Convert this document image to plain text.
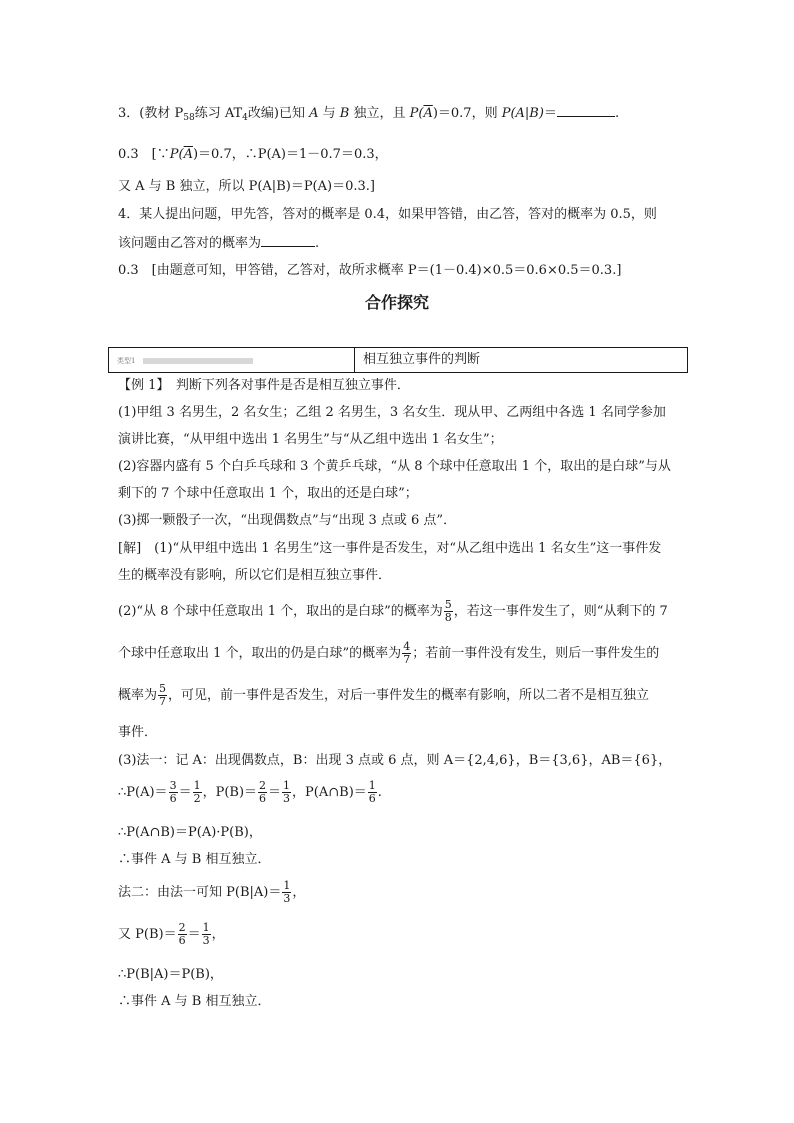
3．(教材 $P_{58}$练习 $AT_4$改编)已知 A 与 B 独立，且 $P(\overline{A})=0.7$，则 P(A|B)＝	.
0.3　[$\because P(\overline{A})=0.7$，∴P(A)＝1－0.7＝0.3，
又 A 与 B 独立，所以 P(A|B)＝P(A)＝0.3.]
4．某人提出问题，甲先答，答对的概率是 0.4，如果甲答错，由乙答，答对的概率为 0.5，则
该问题由乙答对的概率为	.
0.3　[由题意可知，甲答错，乙答对，故所求概率 P＝(1－0.4)×0.5＝0.6×0.5＝0.3.]
合作探究
类型1	相互独立事件的判断
【例 1】　判断下列各对事件是否是相互独立事件．
(1)甲组 3 名男生，2 名女生；乙组 2 名男生，3 名女生．现从甲、乙两组中各选 1 名同学参加
演讲比赛，“从甲组中选出 1 名男生”与“从乙组中选出 1 名女生”；
(2)容器内盛有 5 个白乒乓球和 3 个黄乒乓球，“从 8 个球中任意取出 1 个，取出的是白球”与从
剩下的 7 个球中任意取出 1 个，取出的还是白球”；
(3)掷一颗骰子一次，“出现偶数点”与“出现 3 点或 6 点”．
[解]　(1)“从甲组中选出 1 名男生”这一事件是否发生，对“从乙组中选出 1 名女生”这一事件发
生的概率没有影响，所以它们是相互独立事件．
(2)“从 8 个球中任意取出 1 个，取出的是白球”的概率为 $\frac{5}{8}$ ，若这一事件发生了，则“从剩下的 7
个球中任意取出 1 个，取出的仍是白球”的概率为 $\frac{4}{7}$ ；若前一事件没有发生，则后一事件发生的
概率为 $\frac{5}{7}$ ，可见，前一事件是否发生，对后一事件发生的概率有影响，所以二者不是相互独立
事件．
(3)法一：记 A：出现偶数点，B：出现 3 点或 6 点，则 A＝{2,4,6}，B＝{3,6}，AB＝{6}，
∴P(A)＝ $\frac{3}{6} = \frac{1}{2}$ ，$P(B)= \frac{2}{6} = \frac{1}{3}$ ，P(A∩B)＝ $\frac{1}{6}$ .
∴P(A∩B)＝P(A)·P(B)，
∴事件 A 与 B 相互独立．
法二：由法一可知 $P(B|A)= \frac{1}{3}$ ，
又 $P(B)= \frac{2}{6} = \frac{1}{3}$ ，
∴P(B|A)＝P(B)，
∴事件 A 与 B 相互独立．
